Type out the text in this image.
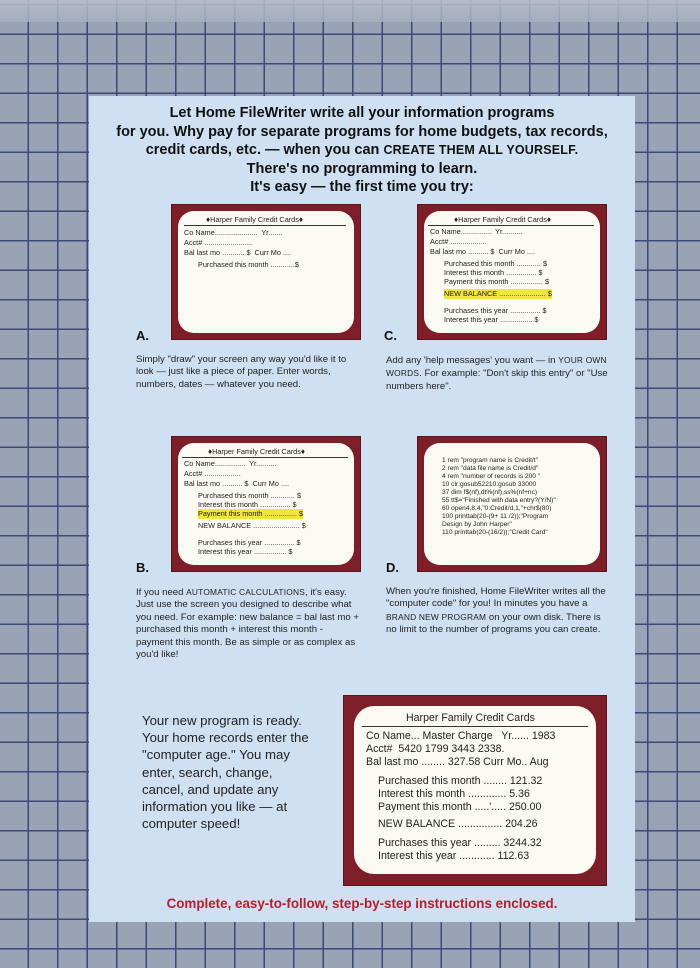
Let Home FileWriter write all your information programs
for you. Why pay for separate programs for home budgets, tax records,
credit cards, etc. — when you can CREATE THEM ALL YOURSELF.
There's no programming to learn.
It's easy — the first time you try:
♦Harper Family Credit Cards♦
Co Name.....................  Yr.......
Acct# ........................
Bal last mo ........... $  Curr Mo ....
Purchased this month ............$
A.
Simply "draw" your screen any way you'd like it to look — just like a piece of paper. Enter words, numbers, dates — whatever you need.
♦Harper Family Credit Cards♦
Co Name...............  Yr..........
Acct# ..................
Bal last mo .......... $  Curr Mo ....
Purchased this month ............ $
Interest this month ............... $
Payment this month ................ $
NEW BALANCE ....................... $
Purchases this year ............... $
Interest this year ................ $
C.
Add any 'help messages' you want — in YOUR OWN WORDS. For example: "Don't skip this entry" or "Use numbers here".
♦Harper Family Credit Cards♦
Co Name...............  Yr..........
Acct# ..................
Bal last mo .......... $  Curr Mo ....
Purchased this month ............ $
Interest this month ............... $
Payment this month ................ $
NEW BALANCE ....................... $
Purchases this year ............... $
Interest this year ................ $
B.
If you need AUTOMATIC CALCULATIONS, it's easy. Just use the screen you designed to describe what you need. For example: new balance = bal last mo + purchased this month + interest this month - payment this month. Be as simple or as complex as you'd like!
1 rem "program name is Credit/t"
2 rem "data file name is Credit/d"
4 rem "number of records is 200 "
10 clr:gosub52210:gosub 33000
37 dim f$(nf),dt%(nf),ss%(nf+nc)
55 tt$="Finished with data entry?(Y/N)"
60 open4,8,4,"0:Credit/d,1,"+chr$(80)
100 printtab(20-(9+ 11 /2));"Program
Design by John Harper"
110 printtab(20-(16/2));"Credit Card"
D.
When you're finished, Home FileWriter writes all the "computer code" for you! In minutes you have a BRAND NEW PROGRAM on your own disk. There is no limit to the number of programs you can create.
Your new program is ready. Your home records enter the "computer age." You may enter, search, change, cancel, and update any information you like — at computer speed!
Harper Family Credit Cards
Co Name... Master Charge   Yr...... 1983
Acct#  5420 1799 3443 2338.
Bal last mo ........ 327.58 Curr Mo.. Aug
Purchased this month ........ 121.32
Interest this month ............. 5.36
Payment this month .....'..... 250.00
NEW BALANCE ............... 204.26
Purchases this year ......... 3244.32
Interest this year ............ 112.63
Complete, easy-to-follow, step-by-step instructions enclosed.
